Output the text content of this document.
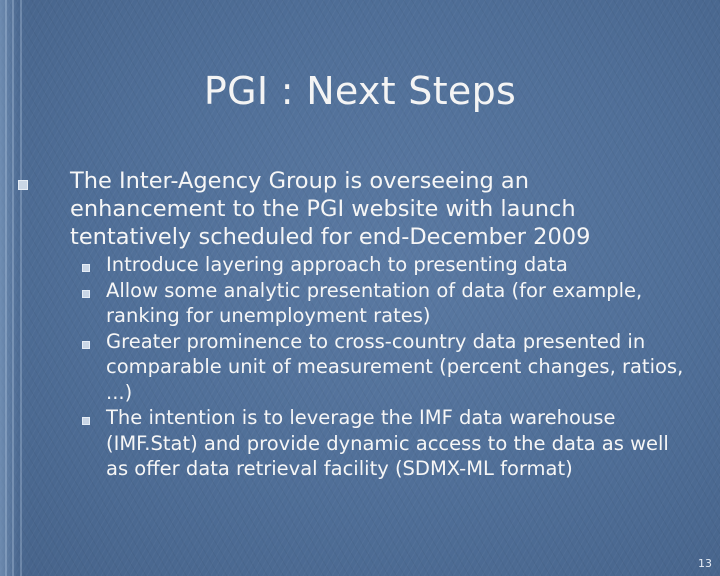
PGI : Next Steps

The Inter-Agency Group is overseeing an enhancement to the PGI website with launch tentatively scheduled for end-December 2009

Introduce layering approach to presenting data
Allow some analytic presentation of data (for example, ranking for unemployment rates)
Greater prominence to cross-country data presented in comparable unit of measurement (percent changes, ratios, ...)
The intention is to leverage the IMF data warehouse (IMF.Stat) and provide dynamic access to the data as well as offer data retrieval facility (SDMX-ML format)
13
